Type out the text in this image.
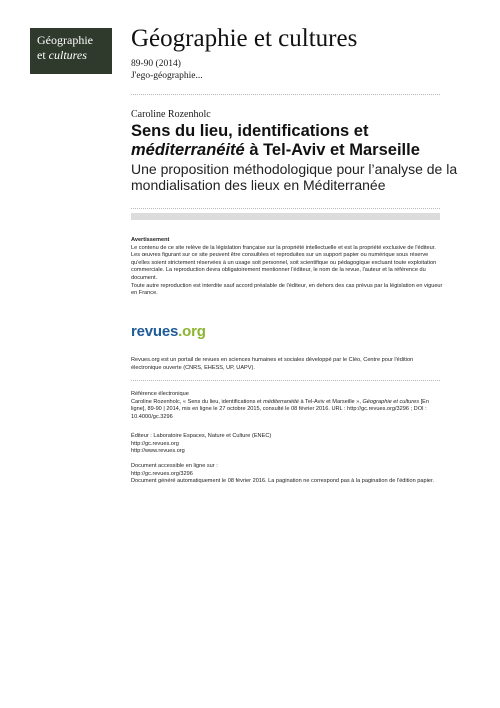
Géographie
et cultures
Géographie et cultures
89-90 (2014)
J'ego-géographie...
Caroline Rozenholc
Sens du lieu, identifications et méditerranéité à Tel-Aviv et Marseille
Une proposition méthodologique pour l’analyse de la mondialisation des lieux en Méditerranée

Avertissement

Le contenu de ce site relève de la législation française sur la propriété intellectuelle et est la propriété exclusive de l'éditeur.

Les œuvres figurant sur ce site peuvent être consultées et reproduites sur un support papier ou numérique sous réserve qu'elles soient strictement réservées à un usage soit personnel, soit scientifique ou pédagogique excluant toute exploitation commerciale. La reproduction devra obligatoirement mentionner l'éditeur, le nom de la revue, l'auteur et la référence du document.

Toute autre reproduction est interdite sauf accord préalable de l'éditeur, en dehors des cas prévus par la législation en vigueur en France.

revues.org
Revues.org est un portail de revues en sciences humaines et sociales développé par le Cléo, Centre pour l'édition électronique ouverte (CNRS, EHESS, UP, UAPV).

Référence électronique

Caroline Rozenholc, « Sens du lieu, identifications et méditerranéité à Tel-Aviv et Marseille », Géographie et cultures [En ligne], 89-90 | 2014, mis en ligne le 27 octobre 2015, consulté le 08 février 2016. URL : http://gc.revues.org/3296 ; DOI : 10.4000/gc.3296

Éditeur : Laboratoire Espaces, Nature et Culture (ENEC)

http://gc.revues.org

http://www.revues.org

Document accessible en ligne sur :

http://gc.revues.org/3296

Document généré automatiquement le 08 février 2016. La pagination ne correspond pas à la pagination de l'édition papier.
